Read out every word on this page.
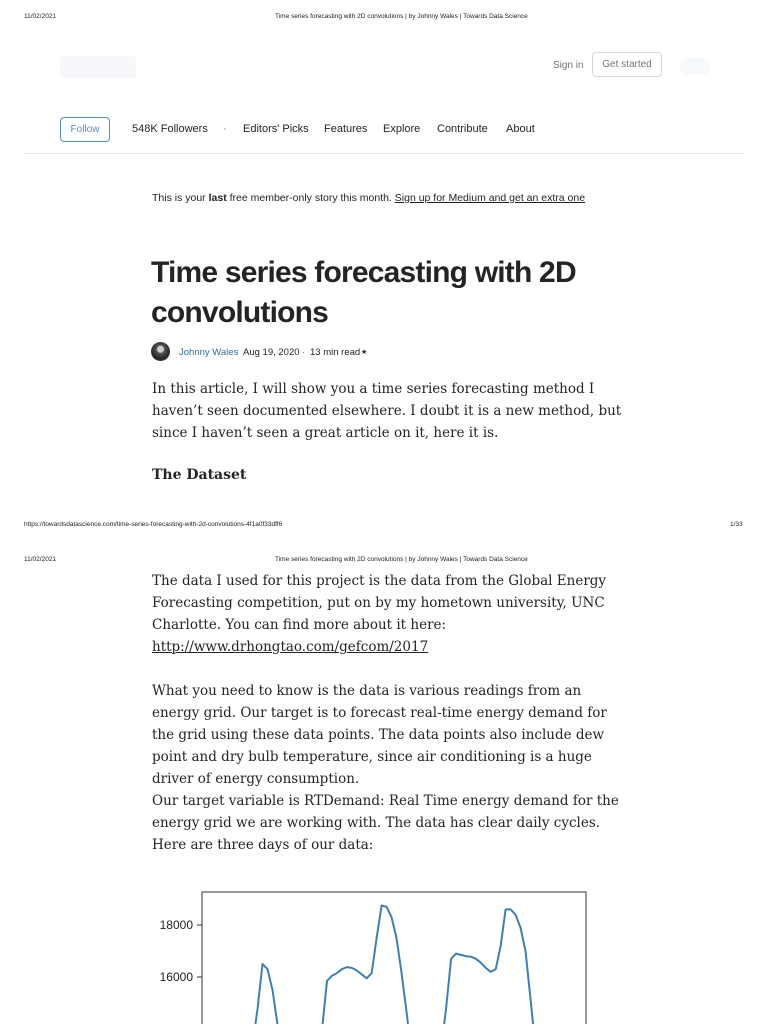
11/02/2021	Time series forecasting with 2D convolutions | by Johnny Wales | Towards Data Science
Sign in	Get started
Follow	548K Followers · Editors' Picks Features Explore Contribute About
This is your last free member-only story this month. Sign up for Medium and get an extra one
Time series forecasting with 2D convolutions
Johnny Wales Aug 19, 2020 · 13 min read ★

In this article, I will show you a time series forecasting method I haven’t seen documented elsewhere. I doubt it is a new method, but since I haven’t seen a great article on it, here it is.

The Dataset
https://towardsdatascience.com/time-series-forecasting-with-2d-convolutions-4f1a0f33dff6	1/33
11/02/2021	Time series forecasting with 2D convolutions | by Johnny Wales | Towards Data Science

The data I used for this project is the data from the Global Energy Forecasting competition, put on by my hometown university, UNC Charlotte. You can find more about it here:
http://www.drhongtao.com/gefcom/2017

What you need to know is the data is various readings from an energy grid. Our target is to forecast real-time energy demand for the grid using these data points. The data points also include dew point and dry bulb temperature, since air conditioning is a huge driver of energy consumption.

Our target variable is RTDemand: Real Time energy demand for the energy grid we are working with. The data has clear daily cycles. Here are three days of our data:

18000
16000
